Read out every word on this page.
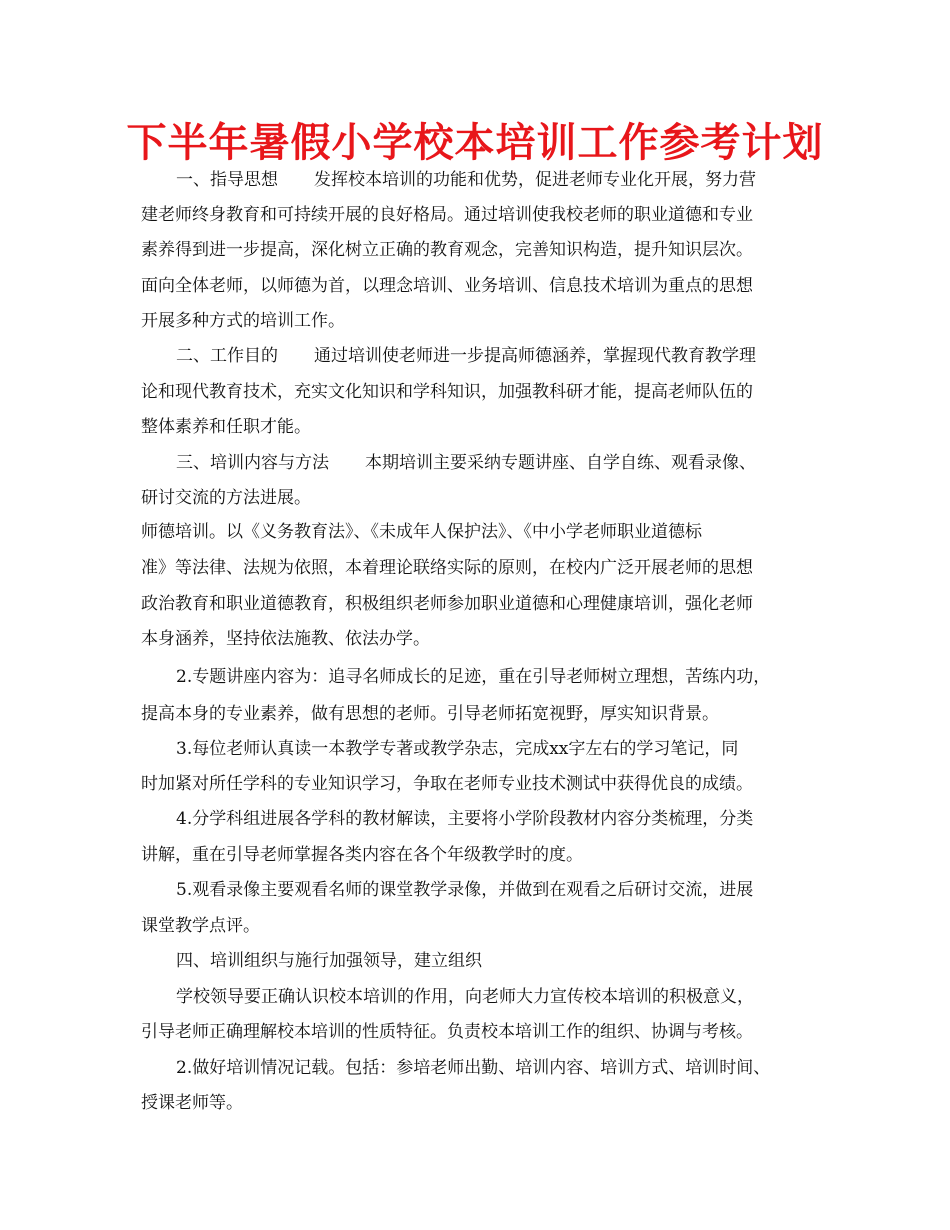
下半年暑假小学校本培训工作参考计划

一、指导思想 发挥校本培训的功能和优势，促进老师专业化开展，努力营

建老师终身教育和可持续开展的良好格局。通过培训使我校老师的职业道德和专业

素养得到进一步提高，深化树立正确的教育观念，完善知识构造，提升知识层次。

面向全体老师，以师德为首，以理念培训、业务培训、信息技术培训为重点的思想

开展多种方式的培训工作。

二、工作目的 通过培训使老师进一步提高师德涵养，掌握现代教育教学理

论和现代教育技术，充实文化知识和学科知识，加强教科研才能，提高老师队伍的

整体素养和任职才能。

三、培训内容与方法 本期培训主要采纳专题讲座、自学自练、观看录像、

研讨交流的方法进展。

师德培训。以《义务教育法》、《未成年人保护法》、《中小学老师职业道德标

准》等法律、法规为依照，本着理论联络实际的原则，在校内广泛开展老师的思想

政治教育和职业道德教育，积极组织老师参加职业道德和心理健康培训，强化老师

本身涵养，坚持依法施教、依法办学。

2.专题讲座内容为：追寻名师成长的足迹，重在引导老师树立理想，苦练内功，

提高本身的专业素养，做有思想的老师。引导老师拓宽视野，厚实知识背景。

3.每位老师认真读一本教学专著或教学杂志，完成xx字左右的学习笔记，同

时加紧对所任学科的专业知识学习，争取在老师专业技术测试中获得优良的成绩。

4.分学科组进展各学科的教材解读，主要将小学阶段教材内容分类梳理，分类

讲解，重在引导老师掌握各类内容在各个年级教学时的度。

5.观看录像主要观看名师的课堂教学录像，并做到在观看之后研讨交流，进展

课堂教学点评。

四、培训组织与施行加强领导，建立组织

学校领导要正确认识校本培训的作用，向老师大力宣传校本培训的积极意义，

引导老师正确理解校本培训的性质特征。负责校本培训工作的组织、协调与考核。

2.做好培训情况记载。包括：参培老师出勤、培训内容、培训方式、培训时间、

授课老师等。
